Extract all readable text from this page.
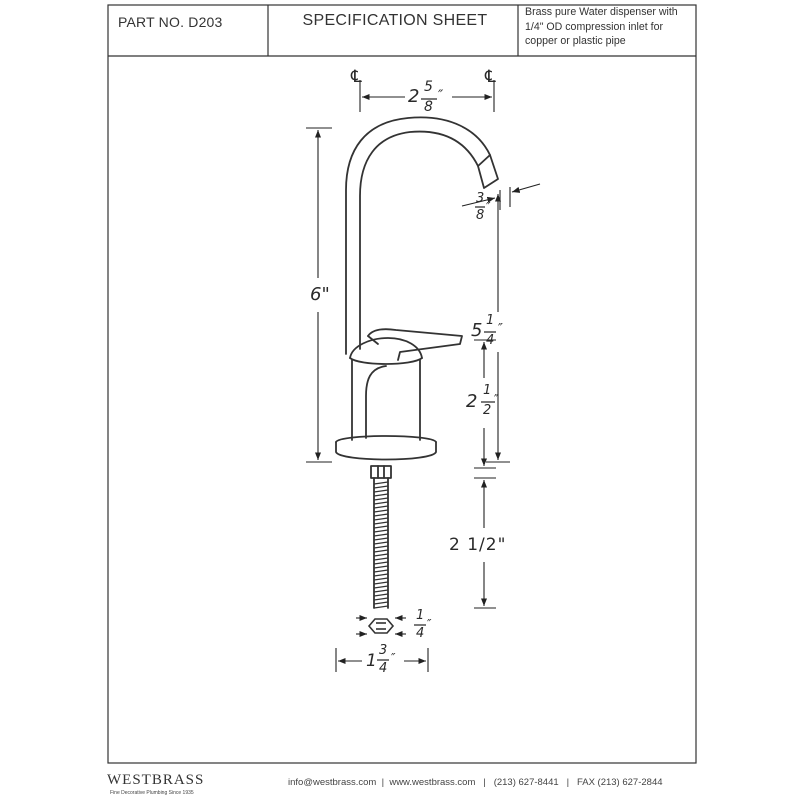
PART NO. D203	SPECIFICATION SHEET	Brass pure Water dispenser with 1/4" OD compression inlet for copper or plastic pipe
℄	℄
2 5
8
″
3
8
″
6"
5 1
4
″
2
1
2
″
2 1/2"
1
4
″
1
3
4
″
WESTBRASS
Fine Decorative Plumbing Since 1935
info@westbrass.com  |  www.westbrass.com   |   (213) 627-8441   |   FAX (213) 627-2844
